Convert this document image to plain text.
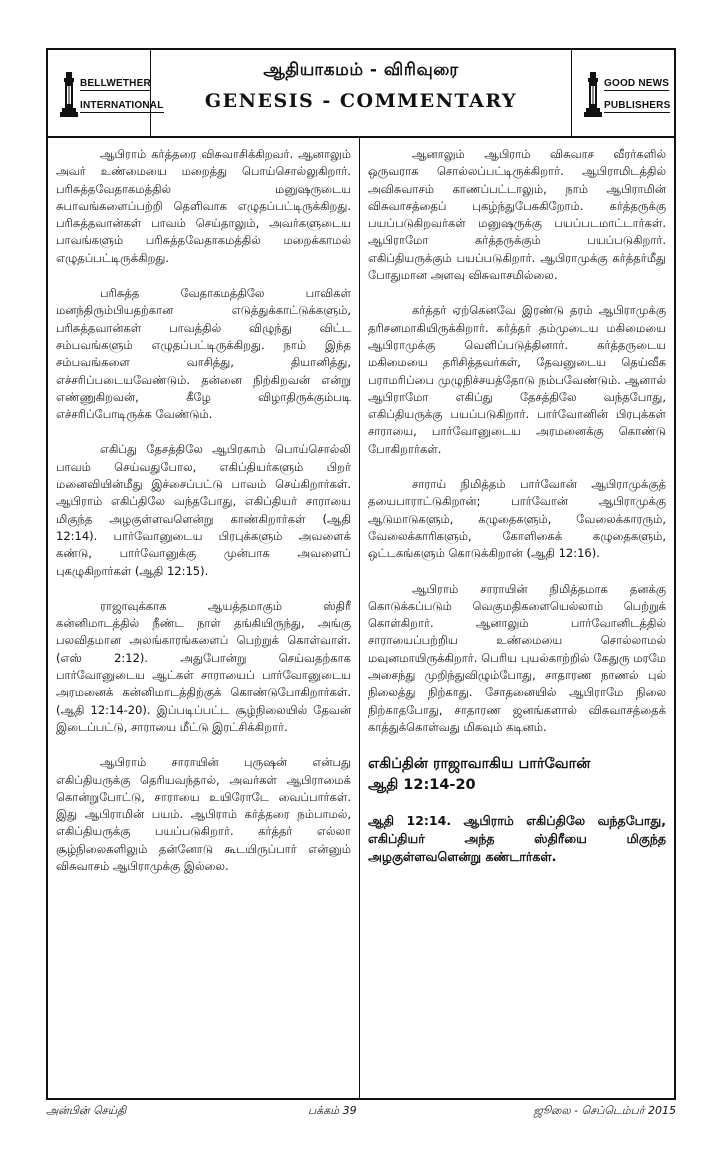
BELLWETHER
INTERNATIONAL
ஆதியாகமம் - விரிவுரை
GENESIS - COMMENTARY
GOOD NEWS
PUBLISHERS

ஆபிராம் கர்த்தரை விசுவாசிக்கிறவர். ஆனாலும் அவர் உண்மையை மறைத்து பொய்சொல்லுகிறார். பரிசுத்தவேதாகமத்தில் மனுஷருடைய சுபாவங்களைப்பற்றி தெளிவாக எழுதப்பட்டிருக்கிறது. பரிசுத்தவான்கள் பாவம் செய்தாலும், அவர்களுடைய பாவங்களும் பரிசுத்தவேதாகமத்தில் மறைக்காமல் எழுதப்பட்டிருக்கிறது.

பரிசுத்த வேதாகமத்திலே பாவிகள் மனந்திரும்பியதற்கான எடுத்துக்காட்டுக்களும், பரிசுத்தவான்கள் பாவத்தில் விழுந்து விட்ட சம்பவங்களும் எழுதப்பட்டிருக்கிறது. நாம் இந்த சம்பவங்களை வாசித்து, தியானித்து, எச்சரிப்படையவேண்டும். தன்னை நிற்கிறவன் என்று எண்ணுகிறவன், கீழே விழாதிருக்கும்படி எச்சரிப்போடிருக்க வேண்டும்.

எகிப்து தேசத்திலே ஆபிரகாம் பொய்சொல்லி பாவம் செய்வதுபோல, எகிப்தியர்களும் பிறர் மனைவியின்மீது இச்சைப்பட்டு பாவம் செய்கிறார்கள். ஆபிராம் எகிப்திலே வந்தபோது, எகிப்தியர் சாராயை மிகுந்த அழகுள்ளவளென்று காண்கிறார்கள் (ஆதி 12:14). பார்வோனுடைய பிரபுக்களும் அவளைக் கண்டு, பார்வோனுக்கு முன்பாக அவளைப் புகழுகிறார்கள் (ஆதி 12:15).

ராஜாவுக்காக ஆயத்தமாகும் ஸ்திரீ கன்னிமாடத்தில் நீண்ட நாள் தங்கியிருந்து, அங்கு பலவிதமான அலங்காரங்களைப் பெற்றுக் கொள்வாள். (எஸ் 2:12). அதுபோன்று செய்வதற்காக பார்வோனுடைய ஆட்கள் சாராயைப் பார்வோனுடைய அரமனைக் கன்னிமாடத்திற்குக் கொண்டுபோகிறார்கள். (ஆதி 12:14-20). இப்படிப்பட்ட சூழ்நிலையில் தேவன் இடைப்பட்டு, சாராயை மீட்டு இரட்சிக்கிறார்.

ஆபிராம் சாராயின் புருஷன் என்பது எகிப்தியருக்கு தெரியவந்தால், அவர்கள் ஆபிராமைக் கொன்றுபோட்டு, சாராயை உயிரோடே வைப்பார்கள். இது ஆபிராமின் பயம். ஆபிராம் கர்த்தரை நம்பாமல், எகிப்தியருக்கு பயப்படுகிறார். கர்த்தர் எல்லா சூழ்நிலைகளிலும் தன்னோடு கூடயிருப்பார் என்னும் விசுவாசம் ஆபிராமுக்கு இல்லை.

ஆனாலும் ஆபிராம் விசுவாச வீரர்களில் ஒருவராக சொல்லப்பட்டிருக்கிறார். ஆபிராமிடத்தில் அவிசுவாசம் காணப்பட்டாலும், நாம் ஆபிராமின் விசுவாசத்தைப் புகழ்ந்துபேசுகிறோம். கர்த்தருக்கு பயப்படுகிறவர்கள் மனுஷருக்கு பயப்படமாட்டார்கள். ஆபிராமோ கர்த்தருக்கும் பயப்படுகிறார். எகிப்தியருக்கும் பயப்படுகிறார். ஆபிராமுக்கு கர்த்தர்மீது போதுமான அளவு விசுவாசமில்லை.

கர்த்தர் ஏற்கெனவே இரண்டு தரம் ஆபிராமுக்கு தரிசனமாகியிருக்கிறார். கர்த்தர் தம்முடைய மகிமையை ஆபிராமுக்கு வெளிப்படுத்தினார். கர்த்தருடைய மகிமையை தரிசித்தவர்கள், தேவனுடைய தெய்வீக பராமரிப்பை முழுநிச்சயத்தோடு நம்பவேண்டும். ஆனால் ஆபிராமோ எகிப்து தேசத்திலே வந்தபோது, எகிப்தியருக்கு பயப்படுகிறார். பார்வோனின் பிரபுக்கள் சாராயை, பார்வோனுடைய அரமனைக்கு கொண்டு போகிறார்கள்.

சாராய் நிமித்தம் பார்வோன் ஆபிராமுக்குத் தயைபாராட்டுகிறான்; பார்வோன் ஆபிராமுக்கு ஆடுமாடுகளும், கழுதைகளும், வேலைக்காரரும், வேலைக்காரிகளும், கோளிகைக் கழுதைகளும், ஒட்டகங்களும் கொடுக்கிறான் (ஆதி 12:16).

ஆபிராம் சாராயின் நிமித்தமாக தனக்கு கொடுக்கப்படும் வெகுமதிகளையெல்லாம் பெற்றுக் கொள்கிறார். ஆனாலும் பார்வோனிடத்தில் சாராயைப்பற்றிய உண்மையை சொல்லாமல் மவுனமாயிருக்கிறார். பெரிய புயல்காற்றில் கேதுரு மரமே அசைந்து முறிந்துவிழும்போது, சாதாரண நாணல் புல் நிலைத்து நிற்காது. சோதனையில் ஆபிராமே நிலை நிற்காதபோது, சாதாரண ஜனங்களால் விசுவாசத்தைக் காத்துக்கொள்வது மிகவும் கடினம்.

எகிப்தின் ராஜாவாகிய பார்வோன்

ஆதி 12:14-20

ஆதி 12:14. ஆபிராம் எகிப்திலே வந்தபோது, எகிப்தியர் அந்த ஸ்திரீயை மிகுந்த அழகுள்ளவளென்று கண்டார்கள்.

அன்பின் செய்தி	பக்கம் 39	ஜூலை - செப்டெம்பர் 2015
